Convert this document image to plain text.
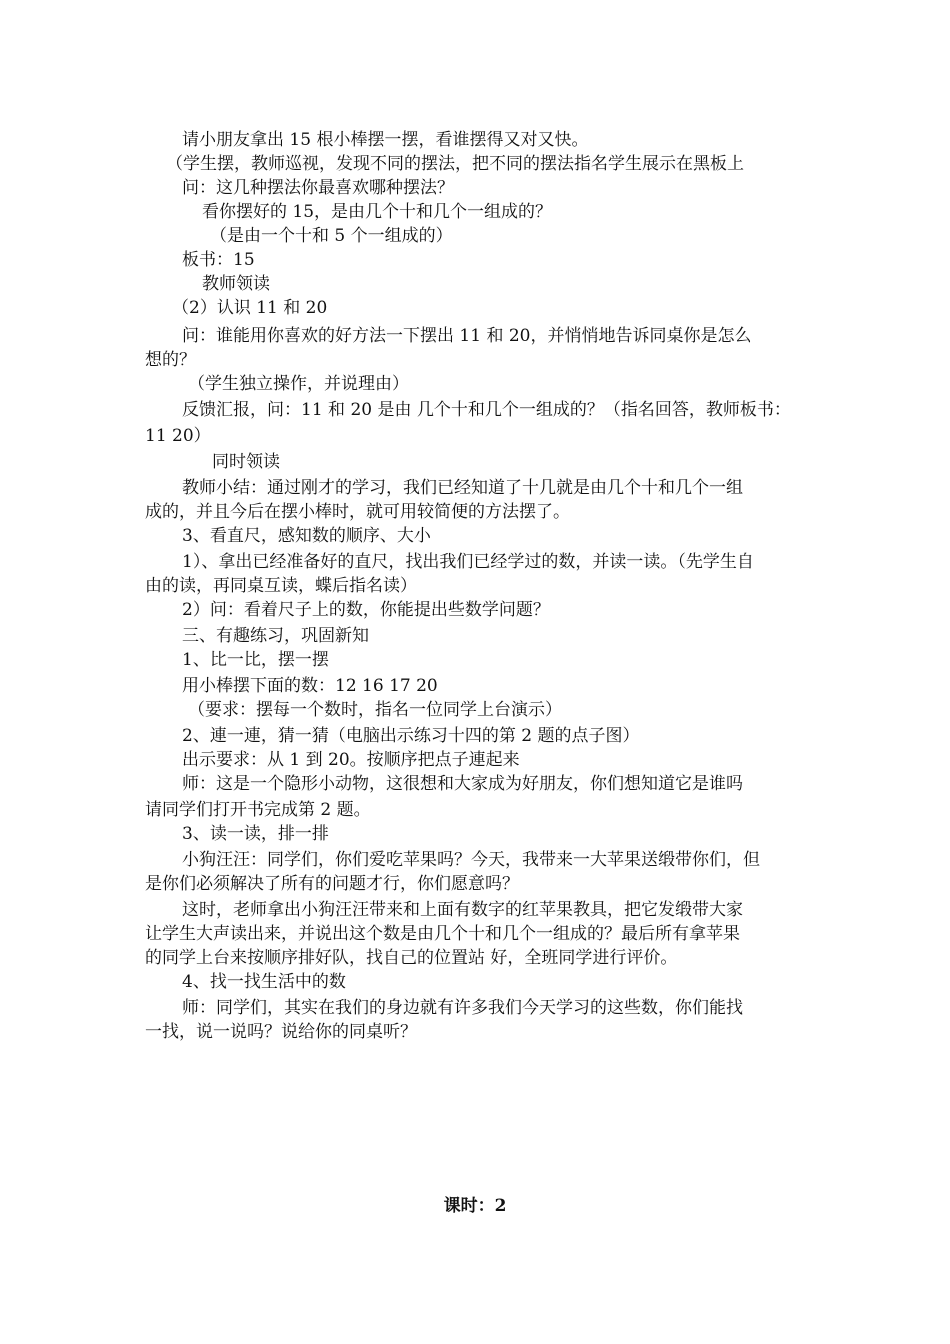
请小朋友拿出 15 根小棒摆一摆，看谁摆得又对又快。
（学生摆，教师巡视，发现不同的摆法，把不同的摆法指名学生展示在黑板上
问：这几种摆法你最喜欢哪种摆法？
看你摆好的 15，是由几个十和几个一组成的？
（是由一个十和 5 个一组成的）
板书：15
教师领读
（2）认识 11 和 20
问：谁能用你喜欢的好方法一下摆出 11 和 20，并悄悄地告诉同桌你是怎么
想的？
（学生独立操作，并说理由）
反馈汇报，问：11 和 20 是由 几个十和几个一组成的？（指名回答，教师板书：
11 20）
同时领读
教师小结：通过刚才的学习，我们已经知道了十几就是由几个十和几个一组
成的，并且今后在摆小棒时，就可用较简便的方法摆了。
3、看直尺，感知数的顺序、大小
1）、拿出已经准备好的直尺，找出我们已经学过的数，并读一读。（先学生自
由的读，再同桌互读，蝶后指名读）
2）问：看着尺子上的数，你能提出些数学问题？
三、有趣练习，巩固新知
1、比一比，摆一摆
用小棒摆下面的数：12 16 17 20
（要求：摆每一个数时，指名一位同学上台演示）
2、連一連，猜一猜（电脑出示练习十四的第 2 题的点子图）
出示要求：从 1 到 20。按顺序把点子連起来
师：这是一个隐形小动物，这很想和大家成为好朋友，你们想知道它是谁吗
请同学们打开书完成第 2 题。
3、读一读，排一排
小狗汪汪：同学们，你们爱吃苹果吗？今天，我带来一大苹果送缎带你们，但
是你们必须解决了所有的问题才行，你们愿意吗？
这时，老师拿出小狗汪汪带来和上面有数字的红苹果教具，把它发缎带大家
让学生大声读出来，并说出这个数是由几个十和几个一组成的？最后所有拿苹果
的同学上台来按顺序排好队，找自己的位置站 好，全班同学进行评价。
4、找一找生活中的数
师：同学们，其实在我们的身边就有许多我们今天学习的这些数，你们能找
一找，说一说吗？说给你的同桌听？
课时：2
